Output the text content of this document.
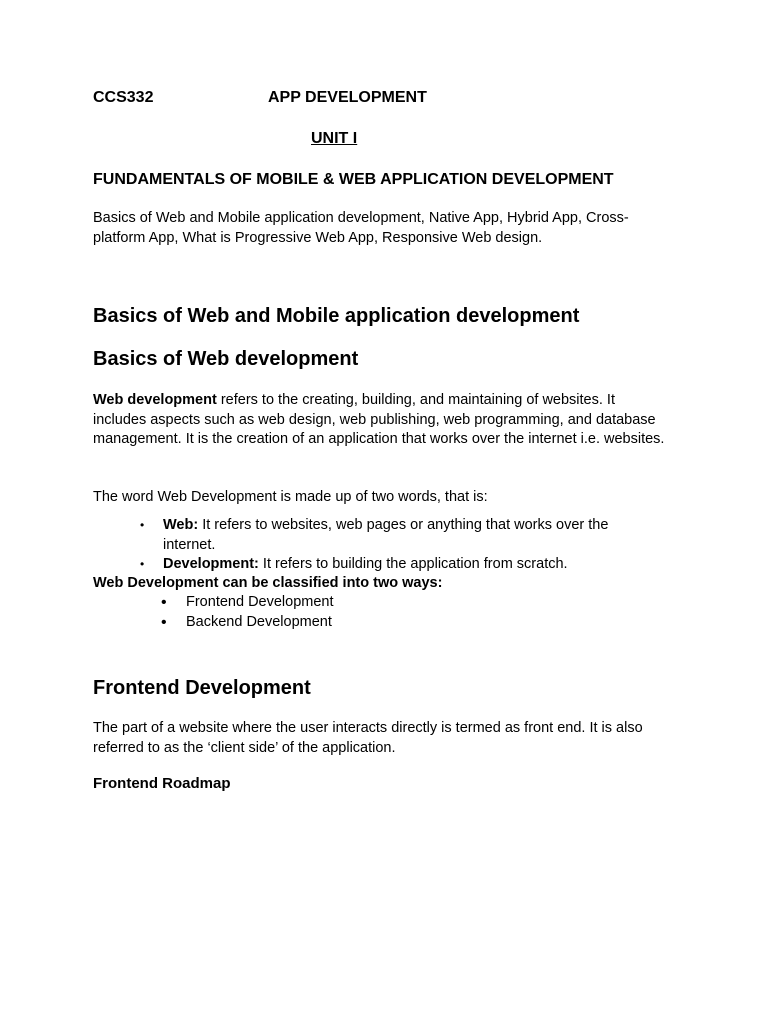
CCS332	APP DEVELOPMENT
UNIT I
FUNDAMENTALS OF MOBILE & WEB APPLICATION DEVELOPMENT
Basics of Web and Mobile application development, Native App, Hybrid App, Cross-platform App, What is Progressive Web App, Responsive Web design.
Basics of Web and Mobile application development
Basics of Web development
Web development refers to the creating, building, and maintaining of websites. It includes aspects such as web design, web publishing, web programming, and database management. It is the creation of an application that works over the internet i.e. websites.
The word Web Development is made up of two words, that is:
• Web: It refers to websites, web pages or anything that works over the internet.
• Development: It refers to building the application from scratch.
Web Development can be classified into two ways:
• Frontend Development
• Backend Development
Frontend Development
The part of a website where the user interacts directly is termed as front end. It is also referred to as the ‘client side’ of the application.
Frontend Roadmap
